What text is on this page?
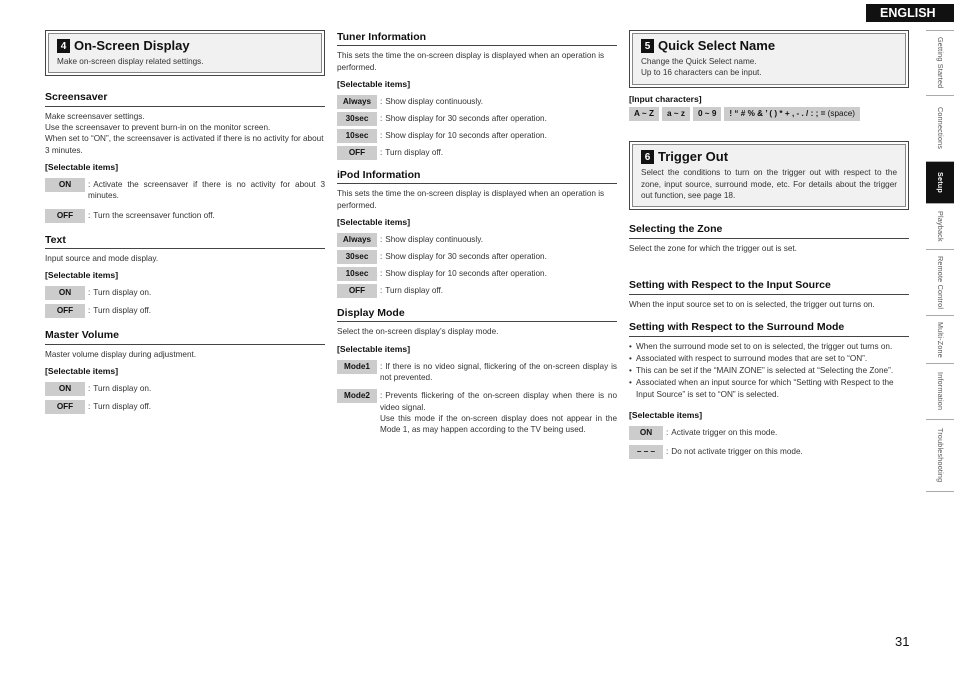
ENGLISH
4 On-Screen Display
Make on-screen display related settings.
Screensaver
Make screensaver settings.
Use the screensaver to prevent burn-in on the monitor screen.
When set to “ON”, the screensaver is activated if there is no activity for about 3 minutes.
[Selectable items]
ON	: Activate the screensaver if there is no activity for about 3 minutes.
OFF	: Turn the screensaver function off.
Text
Input source and mode display.
[Selectable items]
ON	: Turn display on.
OFF	: Turn display off.
Master Volume
Master volume display during adjustment.
[Selectable items]
ON	: Turn display on.
OFF	: Turn display off.
Tuner Information
This sets the time the on-screen display is displayed when an operation is performed.
[Selectable items]
Always	: Show display continuously.
30sec	: Show display for 30 seconds after operation.
10sec	: Show display for 10 seconds after operation.
OFF	: Turn display off.
iPod Information
This sets the time the on-screen display is displayed when an operation is performed.
[Selectable items]
Always	: Show display continuously.
30sec	: Show display for 30 seconds after operation.
10sec	: Show display for 10 seconds after operation.
OFF	: Turn display off.
Display Mode
Select the on-screen display’s display mode.
[Selectable items]
Mode1	: If there is no video signal, flickering of the on-screen display is not prevented.
Mode2	: Prevents flickering of the on-screen display when there is no video signal.
Use this mode if the on-screen display does not appear in the Mode 1, as may happen according to the TV being used.
5 Quick Select Name
Change the Quick Select name.
Up to 16 characters can be input.
[Input characters]
A ~ Z	a ~ z	0 ~ 9	! “ # % & ’ ( ) * + , - . / : ; = (space)
6 Trigger Out
Select the conditions to turn on the trigger out with respect to the zone, input source, surround mode, etc. For details about the trigger out function, see page 18.
Selecting the Zone
Select the zone for which the trigger out is set.
Setting with Respect to the Input Source
When the input source set to on is selected, the trigger out turns on.
Setting with Respect to the Surround Mode
• When the surround mode set to on is selected, the trigger out turns on.
• Associated with respect to surround modes that are set to “ON”.
• This can be set if the “MAIN ZONE” is selected at “Selecting the Zone”.
• Associated when an input source for which “Setting with Respect to the Input Source” is set to “ON” is selected.
[Selectable items]
ON	: Activate trigger on this mode.
– – –	: Do not activate trigger on this mode.
Getting Started
Connections
Setup
Playback
Remote Control
Multi-Zone
Information
Troubleshooting
31
